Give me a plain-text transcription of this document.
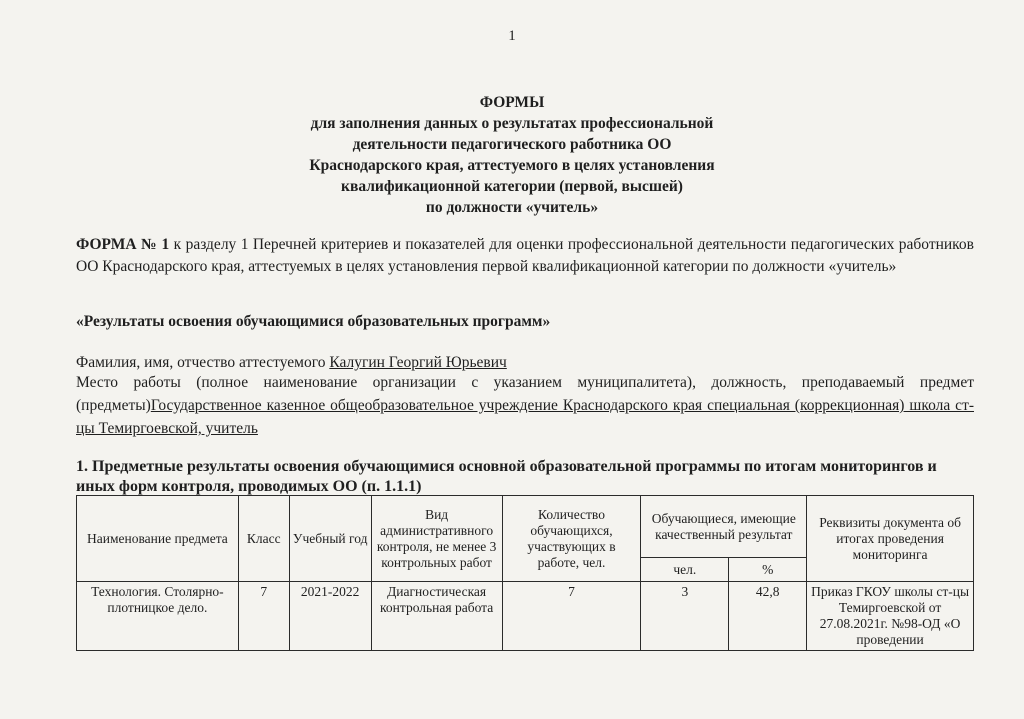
1
ФОРМЫ
для заполнения данных о результатах профессиональной
деятельности педагогического работника ОО
Краснодарского края, аттестуемого в целях установления
квалификационной категории (первой, высшей)
по должности «учитель»
ФОРМА № 1 к разделу 1 Перечней критериев и показателей для оценки профессиональной деятельности педагогических работников ОО Краснодарского края, аттестуемых в целях установления первой квалификационной категории по должности «учитель»
«Результаты освоения обучающимися образовательных программ»
Фамилия, имя, отчество аттестуемого Калугин Георгий Юрьевич
Место работы (полное наименование организации с указанием муниципалитета), должность, преподаваемый предмет (предметы)Государственное казенное общеобразовательное учреждение Краснодарского края специальная (коррекционная) школа ст-цы Темиргоевской, учитель
1. Предметные результаты освоения обучающимися основной образовательной программы по итогам мониторингов и иных форм контроля, проводимых ОО (п. 1.1.1)
Наименование предмета	Класс	Учебный год	Вид административного контроля, не менее 3 контрольных работ	Количество обучающихся, участвующих в работе, чел.	Обучающиеся, имеющие качественный результат		Реквизиты документа об итогах проведения мониторинга
					чел.	%	
Технология. Столярно-плотницкое дело.	7	2021-2022	Диагностическая контрольная работа	7	3	42,8	Приказ ГКОУ школы ст-цы Темиргоевской от 27.08.2021г. №98-ОД «О проведении
